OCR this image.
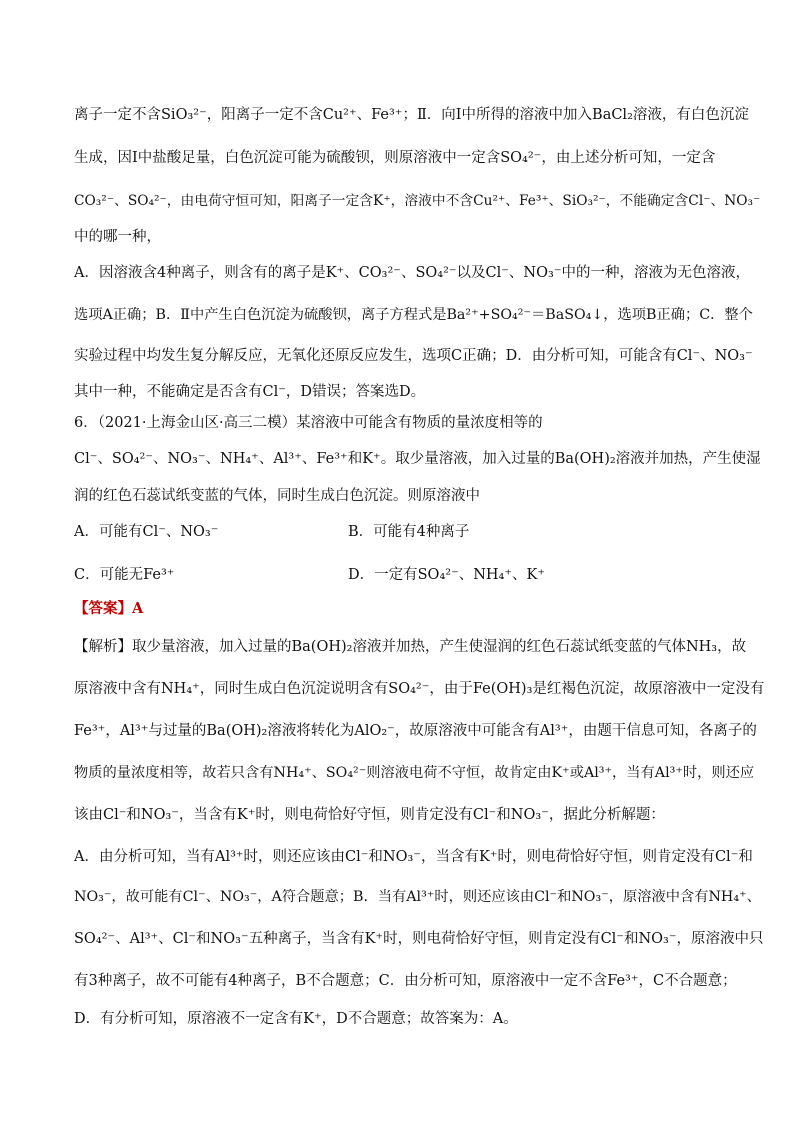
离子一定不含SiO₃²⁻，阳离子一定不含Cu²⁺、Fe³⁺；Ⅱ．向Ⅰ中所得的溶液中加入BaCl₂溶液，有白色沉淀
生成，因Ⅰ中盐酸足量，白色沉淀可能为硫酸钡，则原溶液中一定含SO₄²⁻，由上述分析可知，一定含
CO₃²⁻、SO₄²⁻，由电荷守恒可知，阳离子一定含K⁺，溶液中不含Cu²⁺、Fe³⁺、SiO₃²⁻，不能确定含Cl⁻、NO₃⁻
中的哪一种，
A．因溶液含4种离子，则含有的离子是K⁺、CO₃²⁻、SO₄²⁻以及Cl⁻、NO₃⁻中的一种，溶液为无色溶液，
选项A正确；B．Ⅱ中产生白色沉淀为硫酸钡，离子方程式是Ba²⁺+SO₄²⁻＝BaSO₄↓，选项B正确；C．整个
实验过程中均发生复分解反应，无氧化还原反应发生，选项C正确；D．由分析可知，可能含有Cl⁻、NO₃⁻
其中一种，不能确定是否含有Cl⁻，D错误；答案选D。
6．（2021·上海金山区·高三二模）某溶液中可能含有物质的量浓度相等的
Cl⁻、SO₄²⁻、NO₃⁻、NH₄⁺、Al³⁺、Fe³⁺和K⁺。取少量溶液，加入过量的Ba(OH)₂溶液并加热，产生使湿
润的红色石蕊试纸变蓝的气体，同时生成白色沉淀。则原溶液中
A．可能有Cl⁻、NO₃⁻	B．可能有4种离子
C．可能无Fe³⁺	D．一定有SO₄²⁻、NH₄⁺、K⁺
【答案】A
【解析】取少量溶液，加入过量的Ba(OH)₂溶液并加热，产生使湿润的红色石蕊试纸变蓝的气体NH₃，故
原溶液中含有NH₄⁺，同时生成白色沉淀说明含有SO₄²⁻，由于Fe(OH)₃是红褐色沉淀，故原溶液中一定没有
Fe³⁺，Al³⁺与过量的Ba(OH)₂溶液将转化为AlO₂⁻，故原溶液中可能含有Al³⁺，由题干信息可知，各离子的
物质的量浓度相等，故若只含有NH₄⁺、SO₄²⁻则溶液电荷不守恒，故肯定由K⁺或Al³⁺，当有Al³⁺时，则还应
该由Cl⁻和NO₃⁻，当含有K⁺时，则电荷恰好守恒，则肯定没有Cl⁻和NO₃⁻，据此分析解题：
A．由分析可知，当有Al³⁺时，则还应该由Cl⁻和NO₃⁻，当含有K⁺时，则电荷恰好守恒，则肯定没有Cl⁻和
NO₃⁻，故可能有Cl⁻、NO₃⁻，A符合题意；B．当有Al³⁺时，则还应该由Cl⁻和NO₃⁻，原溶液中含有NH₄⁺、
SO₄²⁻、Al³⁺、Cl⁻和NO₃⁻五种离子，当含有K⁺时，则电荷恰好守恒，则肯定没有Cl⁻和NO₃⁻，原溶液中只
有3种离子，故不可能有4种离子，B不合题意；C．由分析可知，原溶液中一定不含Fe³⁺，C不合题意；
D．有分析可知，原溶液不一定含有K⁺，D不合题意；故答案为：A。
